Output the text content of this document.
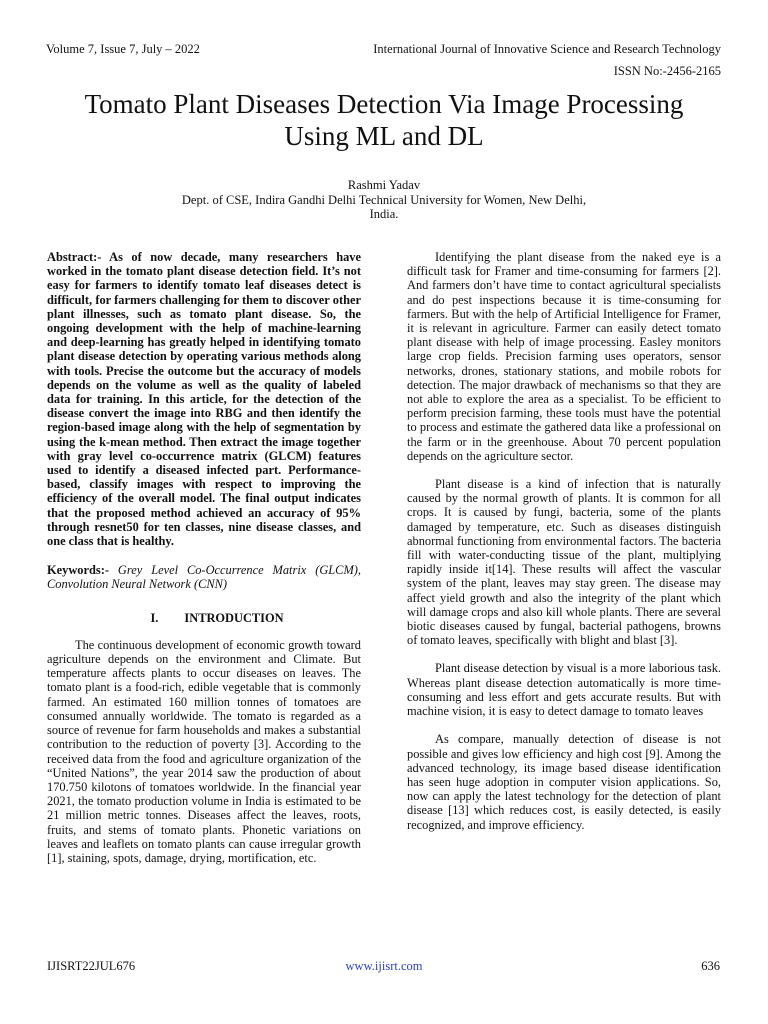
Volume 7, Issue 7, July – 2022	International Journal of Innovative Science and Research Technology
ISSN No:-2456-2165
Tomato Plant Diseases Detection Via Image Processing Using ML and DL
Rashmi Yadav
Dept. of CSE, Indira Gandhi Delhi Technical University for Women, New Delhi, India.

Abstract:- As of now decade, many researchers have worked in the tomato plant disease detection field. It’s not easy for farmers to identify tomato leaf diseases detect is difficult, for farmers challenging for them to discover other plant illnesses, such as tomato plant disease. So, the ongoing development with the help of machine-learning and deep-learning has greatly helped in identifying tomato plant disease detection by operating various methods along with tools. Precise the outcome but the accuracy of models depends on the volume as well as the quality of labeled data for training. In this article, for the detection of the disease convert the image into RBG and then identify the region-based image along with the help of segmentation by using the k-mean method. Then extract the image together with gray level co-occurrence matrix (GLCM) features used to identify a diseased infected part. Performance-based, classify images with respect to improving the efficiency of the overall model. The final output indicates that the proposed method achieved an accuracy of 95% through resnet50 for ten classes, nine disease classes, and one class that is healthy.

Keywords:- Grey Level Co-Occurrence Matrix (GLCM), Convolution Neural Network (CNN)

I. INTRODUCTION

The continuous development of economic growth toward agriculture depends on the environment and Climate. But temperature affects plants to occur diseases on leaves. The tomato plant is a food-rich, edible vegetable that is commonly farmed. An estimated 160 million tonnes of tomatoes are consumed annually worldwide. The tomato is regarded as a source of revenue for farm households and makes a substantial contribution to the reduction of poverty [3]. According to the received data from the food and agriculture organization of the “United Nations”, the year 2014 saw the production of about 170.750 kilotons of tomatoes worldwide. In the financial year 2021, the tomato production volume in India is estimated to be 21 million metric tonnes. Diseases affect the leaves, roots, fruits, and stems of tomato plants. Phonetic variations on leaves and leaflets on tomato plants can cause irregular growth [1], staining, spots, damage, drying, mortification, etc.

Identifying the plant disease from the naked eye is a difficult task for Framer and time-consuming for farmers [2]. And farmers don’t have time to contact agricultural specialists and do pest inspections because it is time-consuming for farmers. But with the help of Artificial Intelligence for Framer, it is relevant in agriculture. Farmer can easily detect tomato plant disease with help of image processing. Easley monitors large crop fields. Precision farming uses operators, sensor networks, drones, stationary stations, and mobile robots for detection. The major drawback of mechanisms so that they are not able to explore the area as a specialist. To be efficient to perform precision farming, these tools must have the potential to process and estimate the gathered data like a professional on the farm or in the greenhouse. About 70 percent population depends on the agriculture sector.

Plant disease is a kind of infection that is naturally caused by the normal growth of plants. It is common for all crops. It is caused by fungi, bacteria, some of the plants damaged by temperature, etc. Such as diseases distinguish abnormal functioning from environmental factors. The bacteria fill with water-conducting tissue of the plant, multiplying rapidly inside it[14]. These results will affect the vascular system of the plant, leaves may stay green. The disease may affect yield growth and also the integrity of the plant which will damage crops and also kill whole plants. There are several biotic diseases caused by fungal, bacterial pathogens, browns of tomato leaves, specifically with blight and blast [3].

Plant disease detection by visual is a more laborious task. Whereas plant disease detection automatically is more time-consuming and less effort and gets accurate results. But with machine vision, it is easy to detect damage to tomato leaves

As compare, manually detection of disease is not possible and gives low efficiency and high cost [9]. Among the advanced technology, its image based disease identification has seen huge adoption in computer vision applications. So, now can apply the latest technology for the detection of plant disease [13] which reduces cost, is easily detected, is easily recognized, and improve efficiency.

IJISRT22JUL676	www.ijisrt.com	636
